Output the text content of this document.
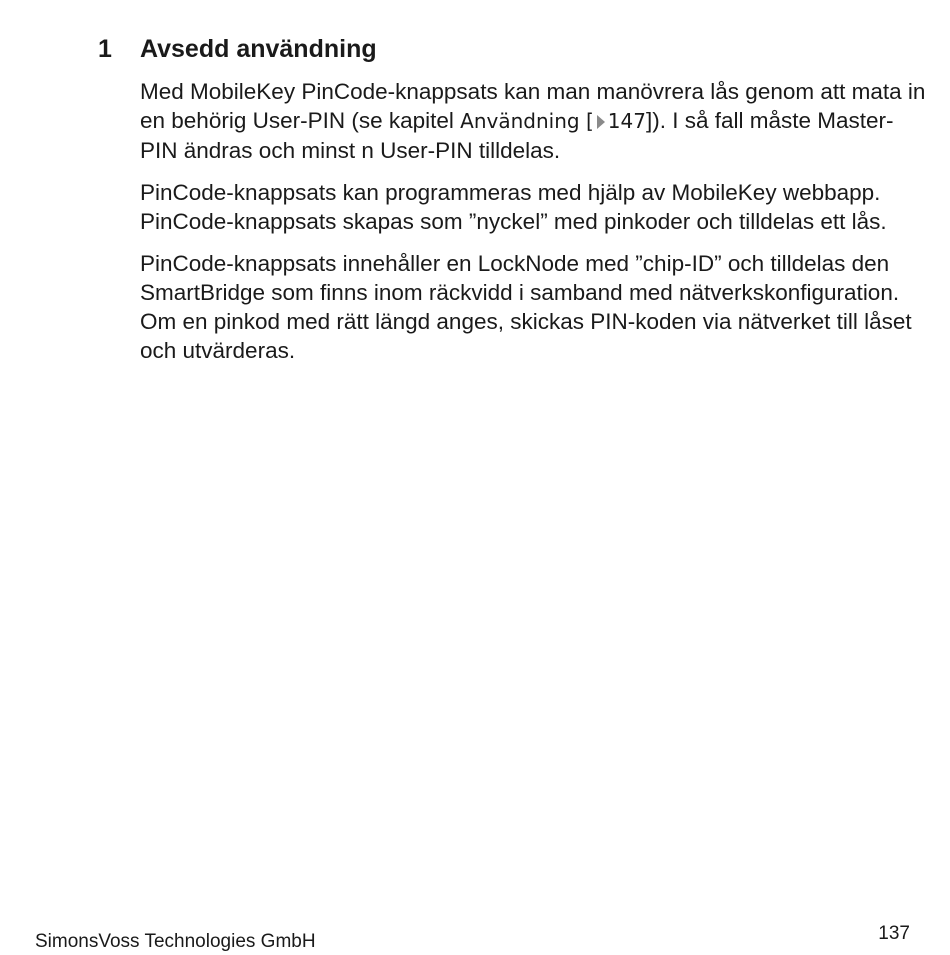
1 Avsedd användning

Med MobileKey PinCode-knappsats kan man manövrera lås genom att mata in en behörig User-PIN (se kapitel Användning [ 147]). I så fall måste Master-PIN ändras och minst n User-PIN tilldelas.

PinCode-knappsats kan programmeras med hjälp av MobileKey webbapp. PinCode-knappsats skapas som ”nyckel” med pinkoder och tilldelas ett lås.

PinCode-knappsats innehåller en LockNode med ”chip-ID” och tilldelas den SmartBridge som finns inom räckvidd i samband med nätverkskonfiguration. Om en pinkod med rätt längd anges, skickas PIN-koden via nätverket till låset och utvärderas.

SimonsVoss Technologies GmbH	137
